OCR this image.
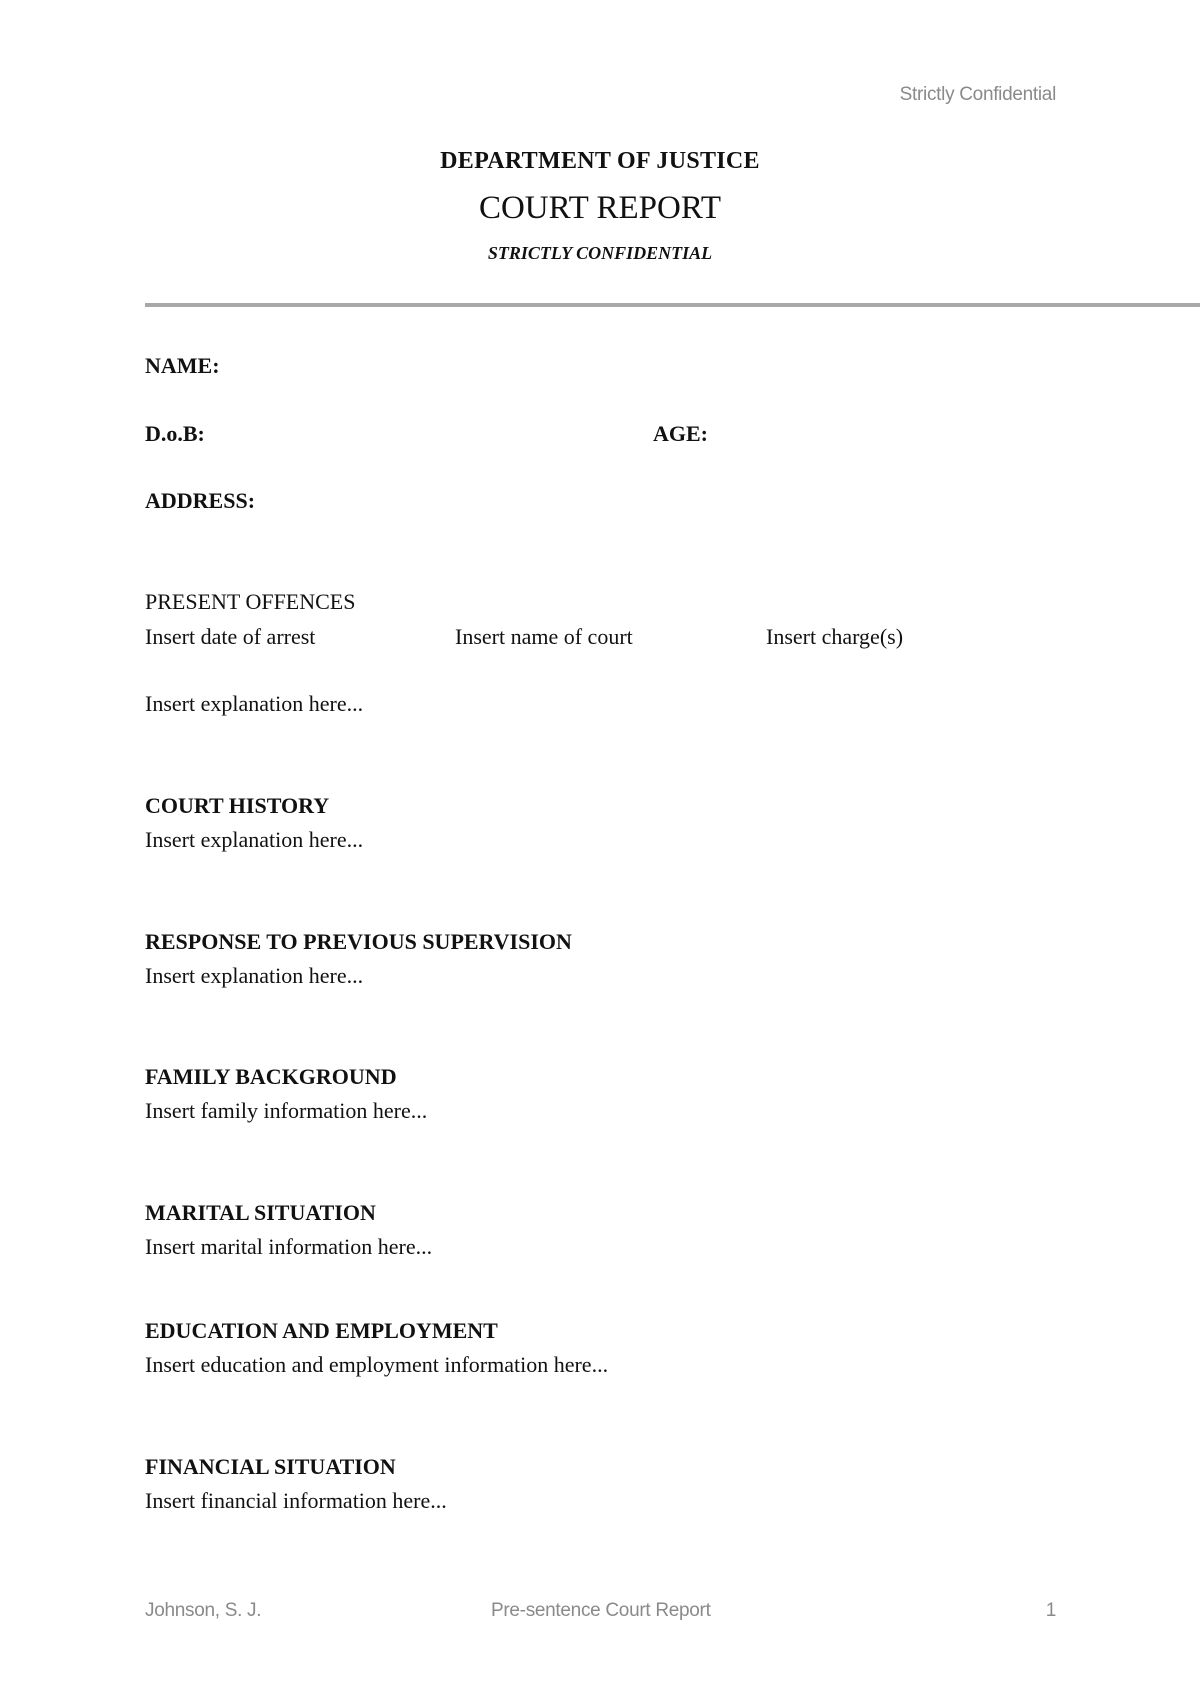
Strictly Confidential
DEPARTMENT OF JUSTICE
COURT REPORT
STRICTLY CONFIDENTIAL
NAME:
D.o.B:	AGE:
ADDRESS:
PRESENT OFFENCES
Insert date of arrest	Insert name of court	Insert charge(s)
Insert explanation here...
COURT HISTORY
Insert explanation here...
RESPONSE TO PREVIOUS SUPERVISION
Insert explanation here...
FAMILY BACKGROUND
Insert family information here...
MARITAL SITUATION
Insert marital information here...
EDUCATION AND EMPLOYMENT
Insert education and employment information here...
FINANCIAL SITUATION
Insert financial information here...
Johnson, S. J.	Pre-sentence Court Report	1
